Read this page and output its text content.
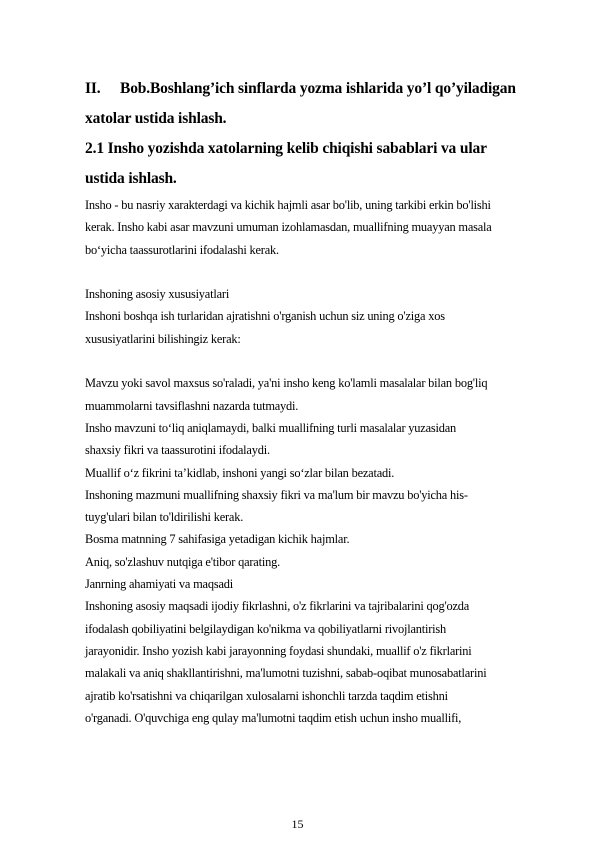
II. Bob.Boshlang’ich sinflarda yozma ishlarida yo’l qo’yiladigan

xatolar ustida ishlash.

2.1 Insho yozishda xatolarning kelib chiqishi sabablari va ular

ustida ishlash.

Insho - bu nasriy xarakterdagi va kichik hajmli asar bo'lib, uning tarkibi erkin bo'lishi

kerak. Insho kabi asar mavzuni umuman izohlamasdan, muallifning muayyan masala

bo‘yicha taassurotlarini ifodalashi kerak.

Inshoning asosiy xususiyatlari

Inshoni boshqa ish turlaridan ajratishni o'rganish uchun siz uning o'ziga xos

xususiyatlarini bilishingiz kerak:

Mavzu yoki savol maxsus so'raladi, ya'ni insho keng ko'lamli masalalar bilan bog'liq

muammolarni tavsiflashni nazarda tutmaydi.

Insho mavzuni to‘liq aniqlamaydi, balki muallifning turli masalalar yuzasidan

shaxsiy fikri va taassurotini ifodalaydi.

Muallif o‘z fikrini ta’kidlab, inshoni yangi so‘zlar bilan bezatadi.

Inshoning mazmuni muallifning shaxsiy fikri va ma'lum bir mavzu bo'yicha his-

tuyg'ulari bilan to'ldirilishi kerak.

Bosma matnning 7 sahifasiga yetadigan kichik hajmlar.

Aniq, so'zlashuv nutqiga e'tibor qarating.

Janrning ahamiyati va maqsadi

Inshoning asosiy maqsadi ijodiy fikrlashni, o'z fikrlarini va tajribalarini qog'ozda

ifodalash qobiliyatini belgilaydigan ko'nikma va qobiliyatlarni rivojlantirish

jarayonidir. Insho yozish kabi jarayonning foydasi shundaki, muallif o'z fikrlarini

malakali va aniq shakllantirishni, ma'lumotni tuzishni, sabab-oqibat munosabatlarini

ajratib ko'rsatishni va chiqarilgan xulosalarni ishonchli tarzda taqdim etishni

o'rganadi. O'quvchiga eng qulay ma'lumotni taqdim etish uchun insho muallifi,

15
